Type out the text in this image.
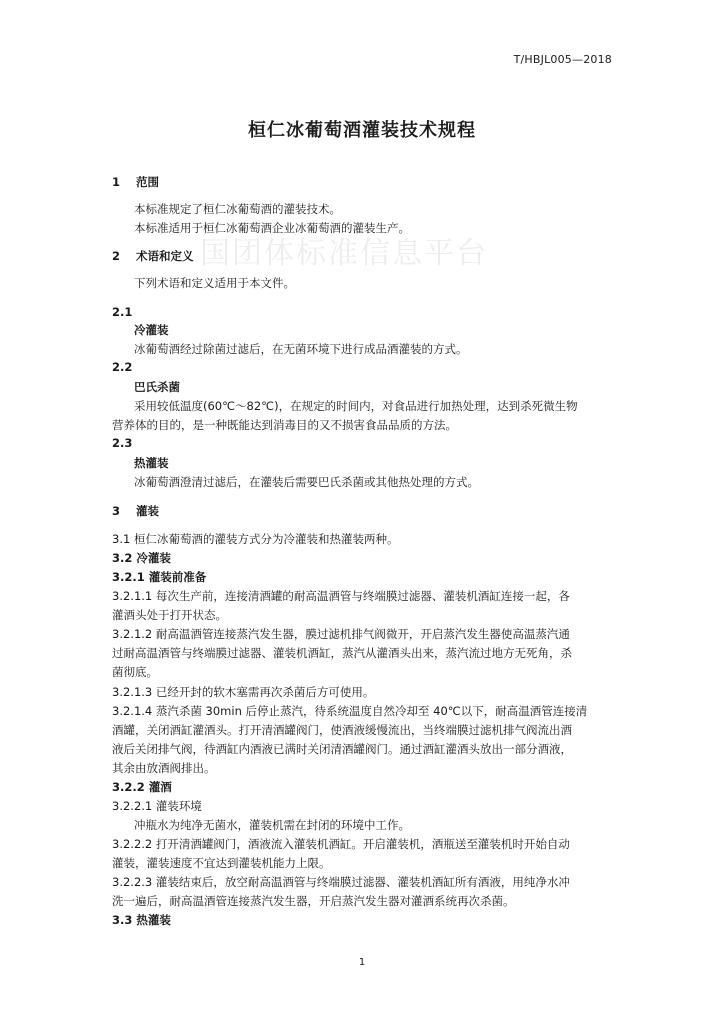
T/HBJL005—2018
桓仁冰葡萄酒灌装技术规程
国团体标准信息平台
1 范围
本标准规定了桓仁冰葡萄酒的灌装技术。
本标准适用于桓仁冰葡萄酒企业冰葡萄酒的灌装生产。
2 术语和定义
下列术语和定义适用于本文件。
2.1
冷灌装
冰葡萄酒经过除菌过滤后，在无菌环境下进行成品酒灌装的方式。
2.2
巴氏杀菌
采用较低温度(60℃～82℃)，在规定的时间内，对食品进行加热处理，达到杀死微生物
营养体的目的，是一种既能达到消毒目的又不损害食品品质的方法。
2.3
热灌装
冰葡萄酒澄清过滤后，在灌装后需要巴氏杀菌或其他热处理的方式。
3 灌装
3.1 桓仁冰葡萄酒的灌装方式分为冷灌装和热灌装两种。
3.2 冷灌装
3.2.1 灌装前准备
3.2.1.1 每次生产前，连接清酒罐的耐高温酒管与终端膜过滤器、灌装机酒缸连接一起，各
灌酒头处于打开状态。
3.2.1.2 耐高温酒管连接蒸汽发生器，膜过滤机排气阀微开，开启蒸汽发生器使高温蒸汽通
过耐高温酒管与终端膜过滤器、灌装机酒缸，蒸汽从灌酒头出来，蒸汽流过地方无死角，杀
菌彻底。
3.2.1.3 已经开封的软木塞需再次杀菌后方可使用。
3.2.1.4 蒸汽杀菌 30min 后停止蒸汽，待系统温度自然冷却至 40℃以下，耐高温酒管连接清
酒罐，关闭酒缸灌酒头。打开清酒罐阀门，使酒液缓慢流出，当终端膜过滤机排气阀流出酒
液后关闭排气阀，待酒缸内酒液已满时关闭清酒罐阀门。通过酒缸灌酒头放出一部分酒液，
其余由放酒阀排出。
3.2.2 灌酒
3.2.2.1 灌装环境
冲瓶水为纯净无菌水，灌装机需在封闭的环境中工作。
3.2.2.2 打开清酒罐阀门，酒液流入灌装机酒缸。开启灌装机，酒瓶送至灌装机时开始自动
灌装，灌装速度不宜达到灌装机能力上限。
3.2.2.3 灌装结束后，放空耐高温酒管与终端膜过滤器、灌装机酒缸所有酒液，用纯净水冲
洗一遍后，耐高温酒管连接蒸汽发生器，开启蒸汽发生器对灌酒系统再次杀菌。
3.3 热灌装
1
